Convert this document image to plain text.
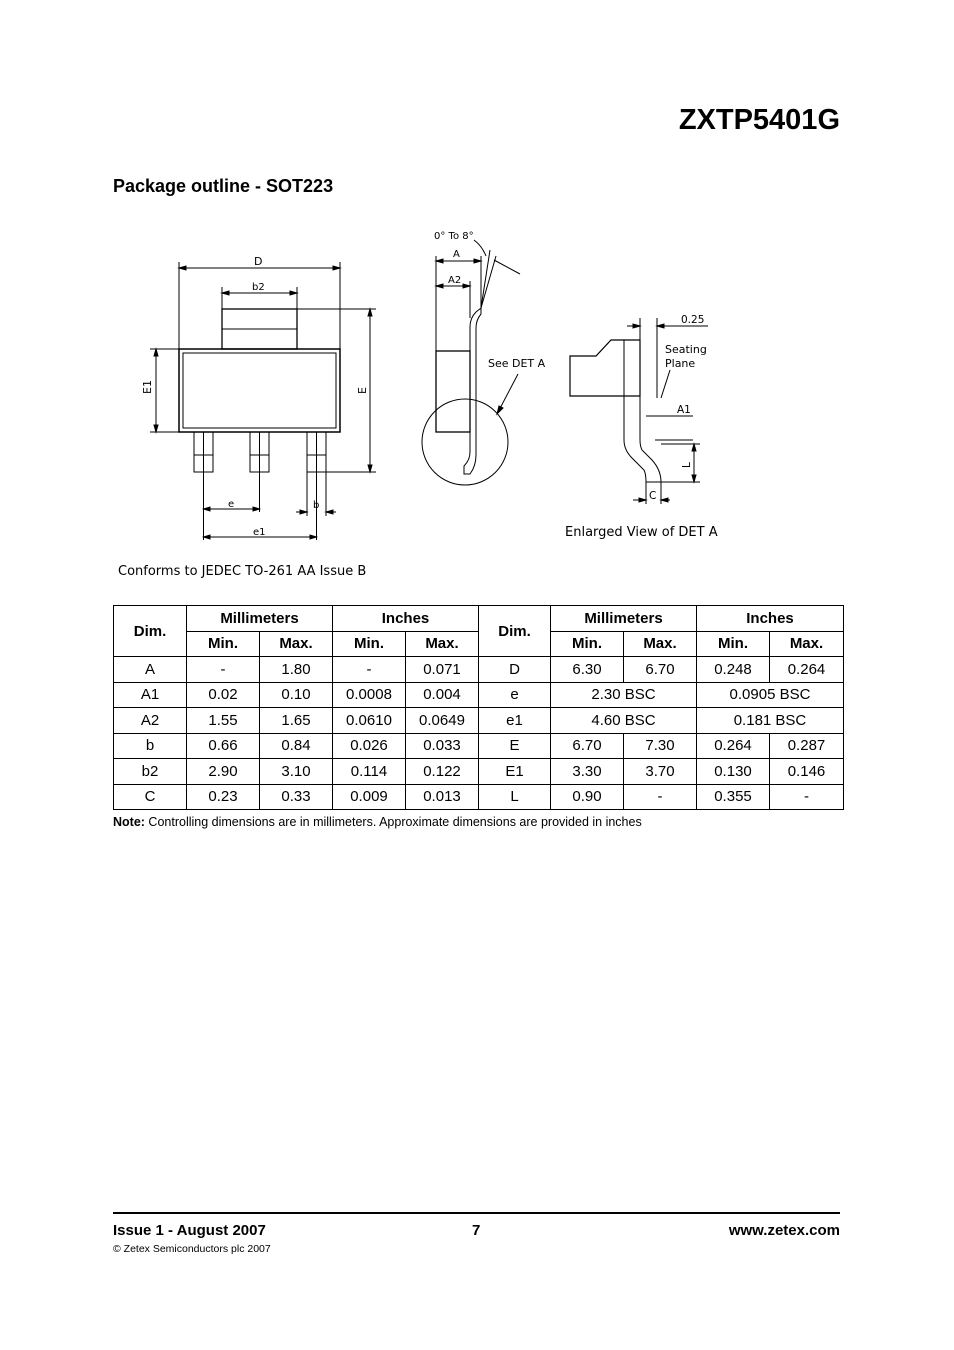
ZXTP5401G
Package outline - SOT223
D
b2
E1	E
e	b
e1
0° To 8°
A
A2
See DET A
0.25
Seating
Plane
A1
L
C
Enlarged View of DET A
Conforms to JEDEC TO-261 AA Issue B
Dim.	Millimeters		Inches		Dim.	Millimeters		Inches	
	Min.	Max.	Min.	Max.		Min.	Max.	Min.	Max.
A	-	1.80	-	0.071	D	6.30	6.70	0.248	0.264
A1	0.02	0.10	0.0008	0.004	e	2.30 BSC		0.0905 BSC	
A2	1.55	1.65	0.0610	0.0649	e1	4.60 BSC		0.181 BSC	
b	0.66	0.84	0.026	0.033	E	6.70	7.30	0.264	0.287
b2	2.90	3.10	0.114	0.122	E1	3.30	3.70	0.130	0.146
C	0.23	0.33	0.009	0.013	L	0.90	-	0.355	-
Note: Controlling dimensions are in millimeters. Approximate dimensions are provided in inches
Issue 1 - August 2007
© Zetex Semiconductors plc 2007
7	www.zetex.com
